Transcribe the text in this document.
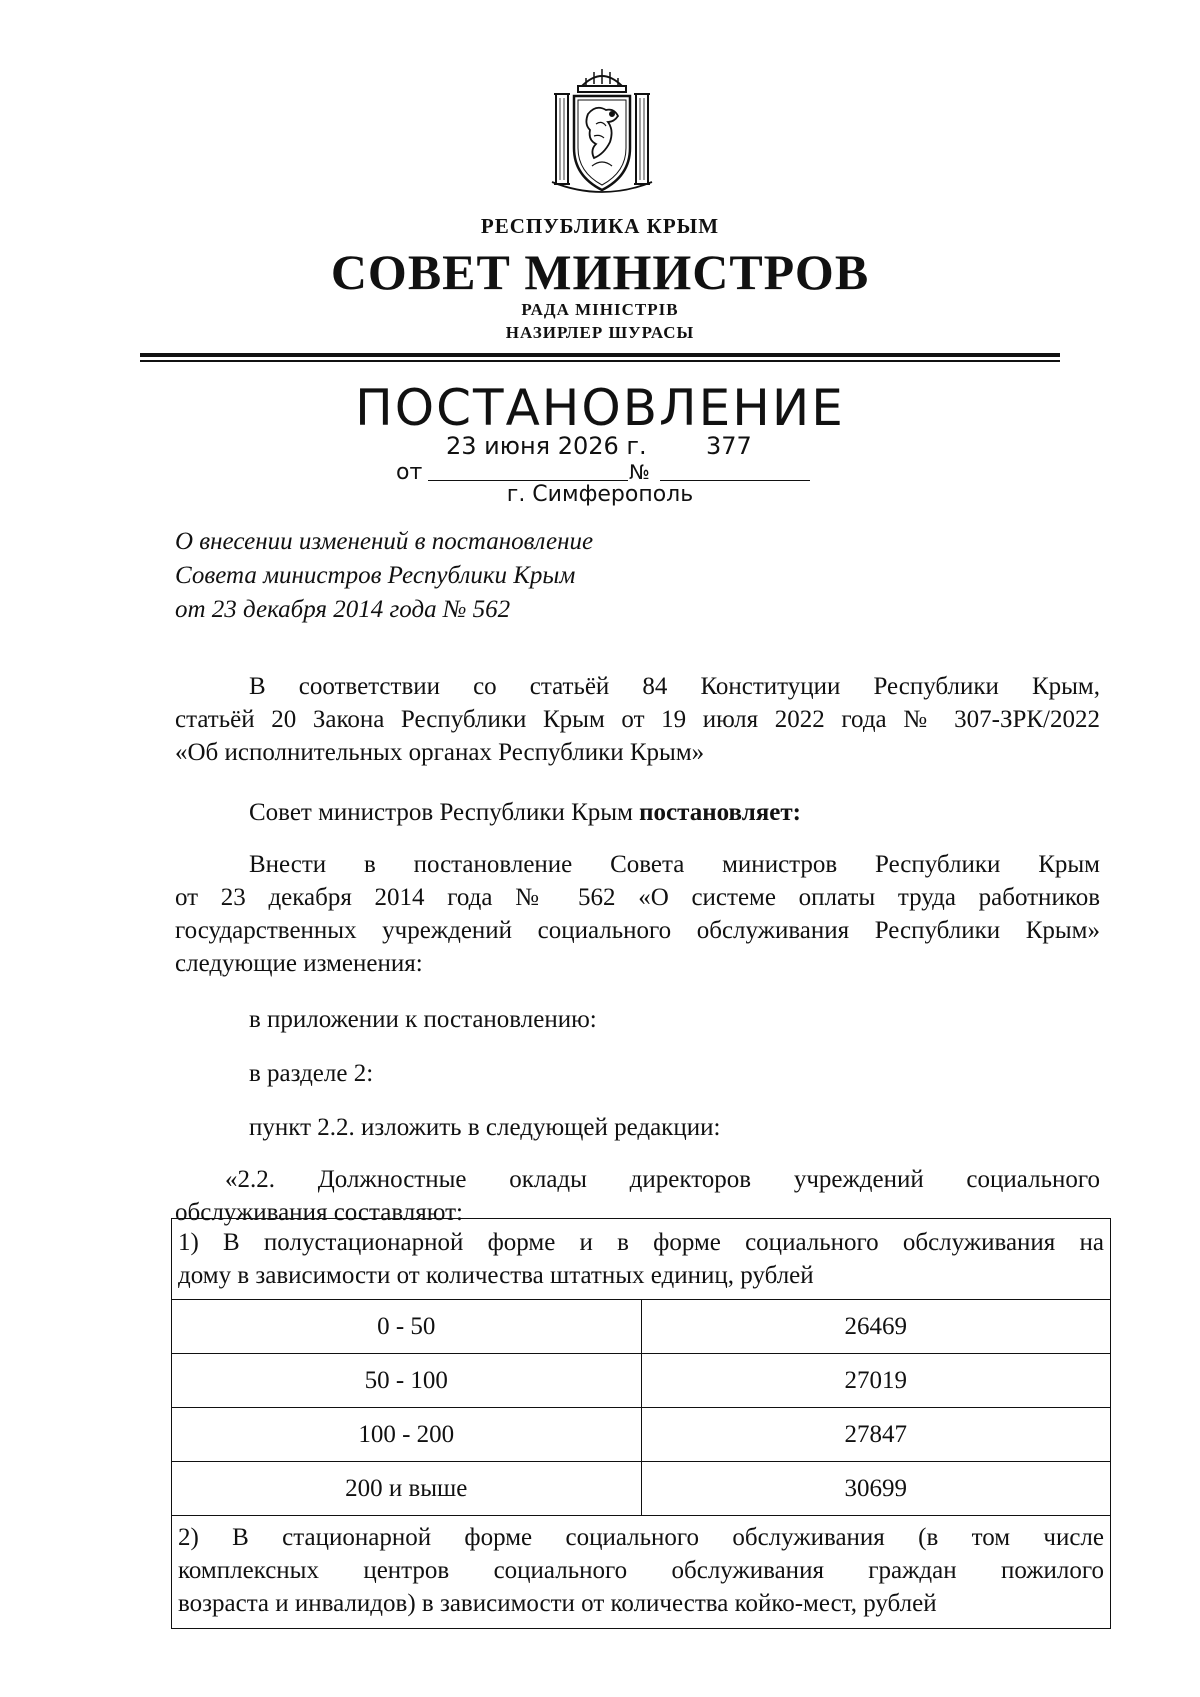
РЕСПУБЛИКА КРЫМ
СОВЕТ МИНИСТРОВ
РАДА МІНІСТРІВ
НАЗИРЛЕР ШУРАСЫ
ПОСТАНОВЛЕНИЕ
от
23 июня 2026 г.
№
377
г. Симферополь
О внесении изменений в постановление
Совета министров Республики Крым
от 23 декабря 2014 года № 562
В соответствии со статьёй 84 Конституции Республики Крым,
статьёй 20 Закона Республики Крым от 19 июля 2022 года № 307-ЗРК/2022
«Об исполнительных органах Республики Крым»
Совет министров Республики Крым постановляет:
Внести в постановление Совета министров Республики Крым
от 23 декабря 2014 года № 562 «О системе оплаты труда работников
государственных учреждений социального обслуживания Республики Крым»
следующие изменения:
в приложении к постановлению:
в разделе 2:
пункт 2.2. изложить в следующей редакции:
«2.2. Должностные оклады директоров учреждений социального
обслуживания составляют:
1) В полустационарной форме и в форме социального обслуживания на
дому в зависимости от количества штатных единиц, рублей	

0 - 50	26469
50 - 100	27019
100 - 200	27847
200 и выше	30699

2) В стационарной форме социального обслуживания (в том числе
комплексных центров социального обслуживания граждан пожилого
возраста и инвалидов) в зависимости от количества койко-мест, рублей	
